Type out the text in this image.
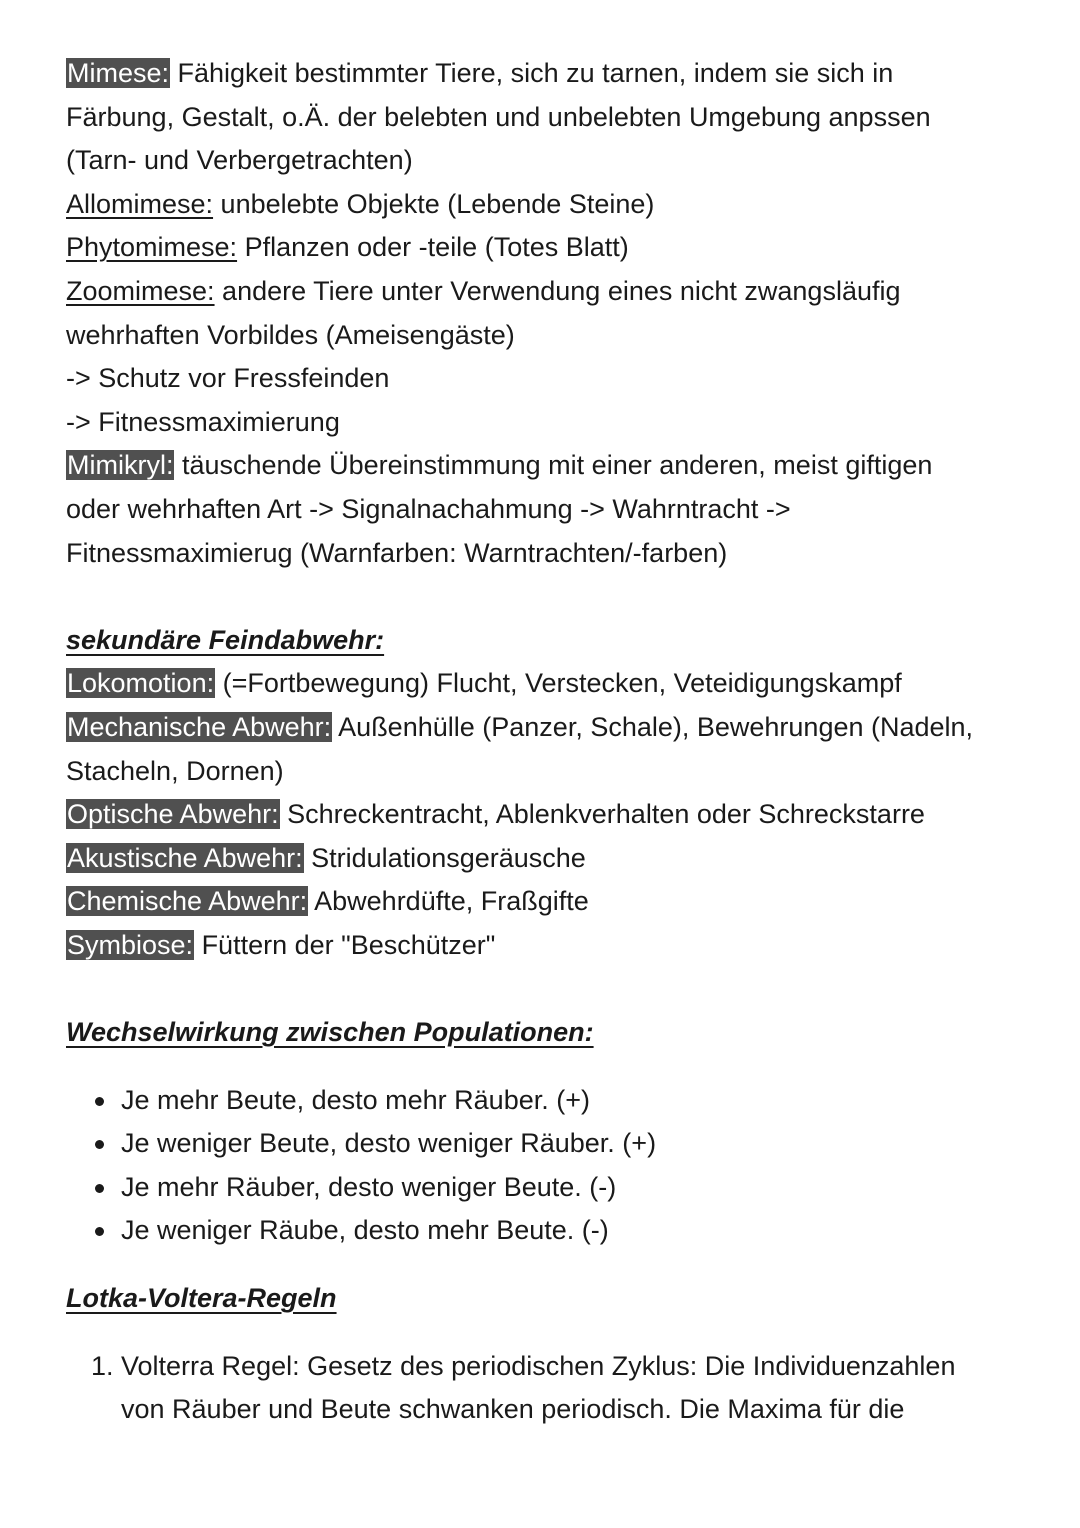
Mimese: Fähigkeit bestimmter Tiere, sich zu tarnen, indem sie sich in
Färbung, Gestalt, o.Ä. der belebten und unbelebten Umgebung anpssen
(Tarn- und Verbergetrachten)
Allomimese: unbelebte Objekte (Lebende Steine)
Phytomimese: Pflanzen oder -teile (Totes Blatt)
Zoomimese: andere Tiere unter Verwendung eines nicht zwangsläufig
wehrhaften Vorbildes (Ameisengäste)
-> Schutz vor Fressfeinden
-> Fitnessmaximierung
Mimikryl: täuschende Übereinstimmung mit einer anderen, meist giftigen
oder wehrhaften Art -> Signalnachahmung -> Wahrntracht ->
Fitnessmaximierug (Warnfarben: Warntrachten/-farben)
sekundäre Feindabwehr:
Lokomotion: (=Fortbewegung) Flucht, Verstecken, Veteidigungskampf
Mechanische Abwehr: Außenhülle (Panzer, Schale), Bewehrungen (Nadeln,
Stacheln, Dornen)
Optische Abwehr: Schreckentracht, Ablenkverhalten oder Schreckstarre
Akustische Abwehr: Stridulationsgeräusche
Chemische Abwehr: Abwehrdüfte, Fraßgifte
Symbiose: Füttern der "Beschützer"
Wechselwirkung zwischen Populationen:
Je mehr Beute, desto mehr Räuber. (+)
Je weniger Beute, desto weniger Räuber. (+)
Je mehr Räuber, desto weniger Beute. (-)
Je weniger Räube, desto mehr Beute. (-)
Lotka-Voltera-Regeln
1. Volterra Regel: Gesetz des periodischen Zyklus: Die Individuenzahlen
von Räuber und Beute schwanken periodisch. Die Maxima für die
